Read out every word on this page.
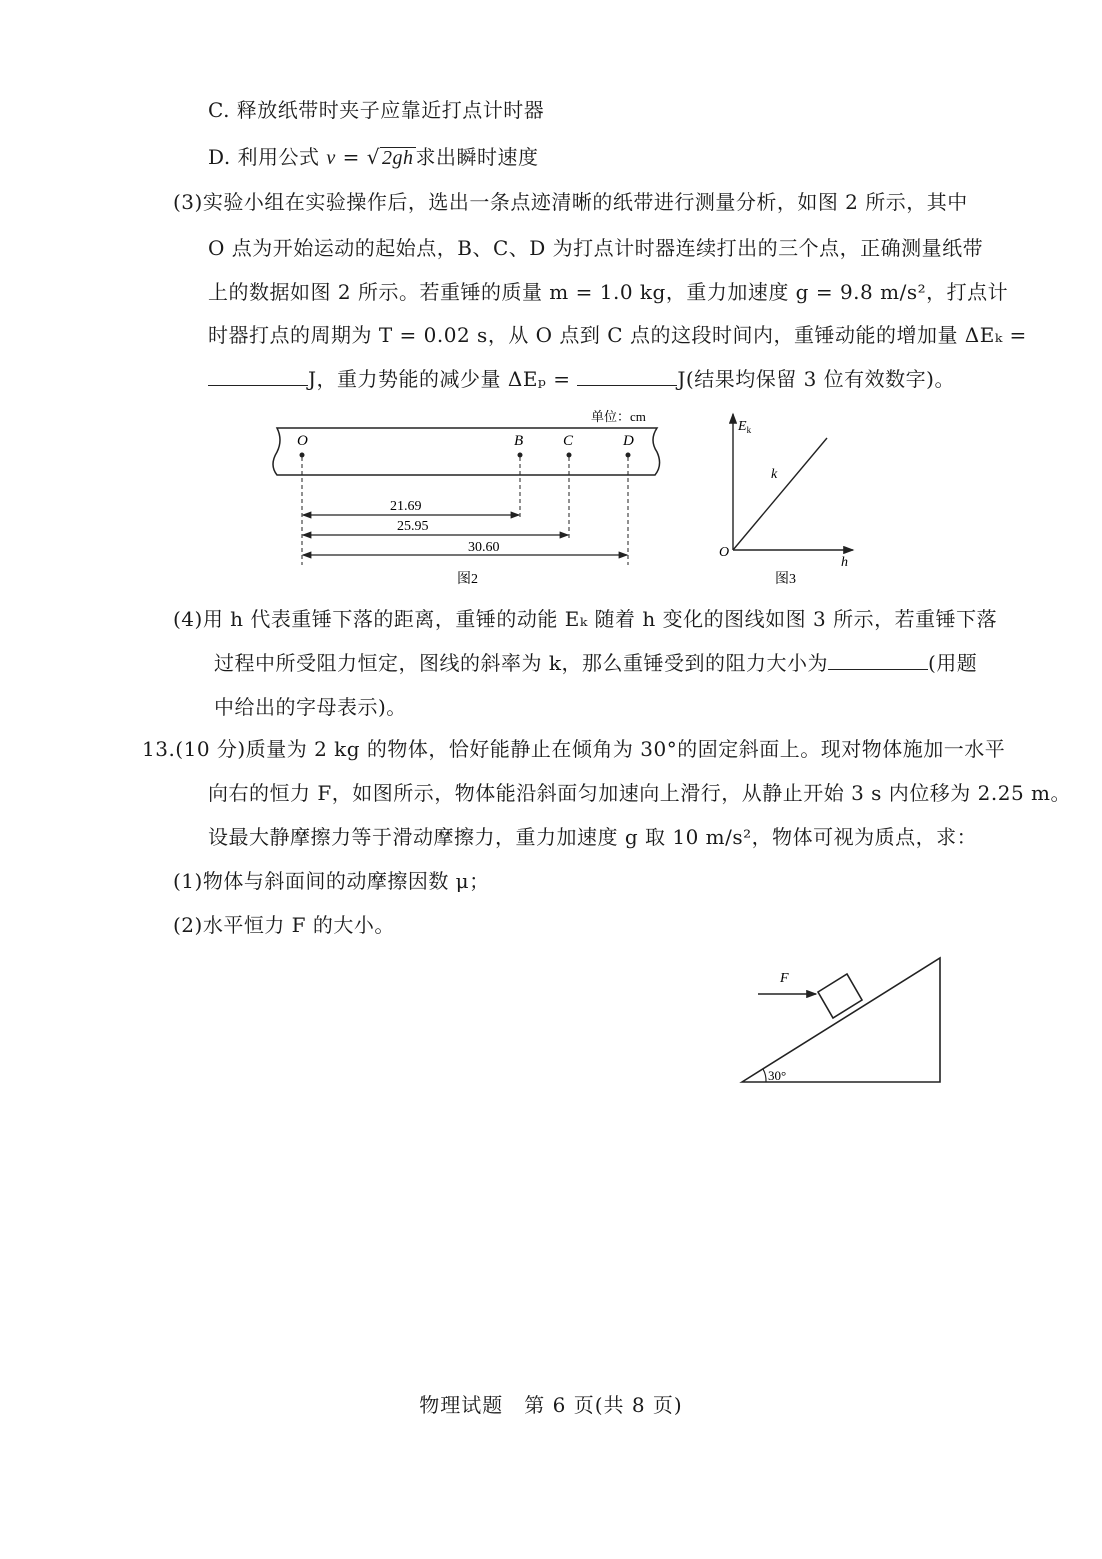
C. 释放纸带时夹子应靠近打点计时器
D. 利用公式 v = √ 2gh 求出瞬时速度
(3)实验小组在实验操作后，选出一条点迹清晰的纸带进行测量分析，如图 2 所示，其中
O 点为开始运动的起始点，B、C、D 为打点计时器连续打出的三个点，正确测量纸带
上的数据如图 2 所示。若重锤的质量 m = 1.0 kg，重力加速度 g = 9.8 m/s²，打点计
时器打点的周期为 T = 0.02 s，从 O 点到 C 点的这段时间内，重锤动能的增加量 ΔEₖ =
J，重力势能的减少量 ΔEₚ =	J(结果均保留 3 位有效数字)。
单位：cm
O	B	C	D
21.69
25.95
30.60
图2
$E_k$
h
O
k
图3
(4)用 h 代表重锤下落的距离，重锤的动能 Eₖ 随着 h 变化的图线如图 3 所示，若重锤下落
过程中所受阻力恒定，图线的斜率为 k，那么重锤受到的阻力大小为	(用题
中给出的字母表示)。
13.(10 分)质量为 2 kg 的物体，恰好能静止在倾角为 30°的固定斜面上。现对物体施加一水平
向右的恒力 F，如图所示，物体能沿斜面匀加速向上滑行，从静止开始 3 s 内位移为 2.25 m。
设最大静摩擦力等于滑动摩擦力，重力加速度 g 取 10 m/s²，物体可视为质点，求：
(1)物体与斜面间的动摩擦因数 μ；
(2)水平恒力 F 的大小。
F
30°
物理试题　第 6 页(共 8 页)
